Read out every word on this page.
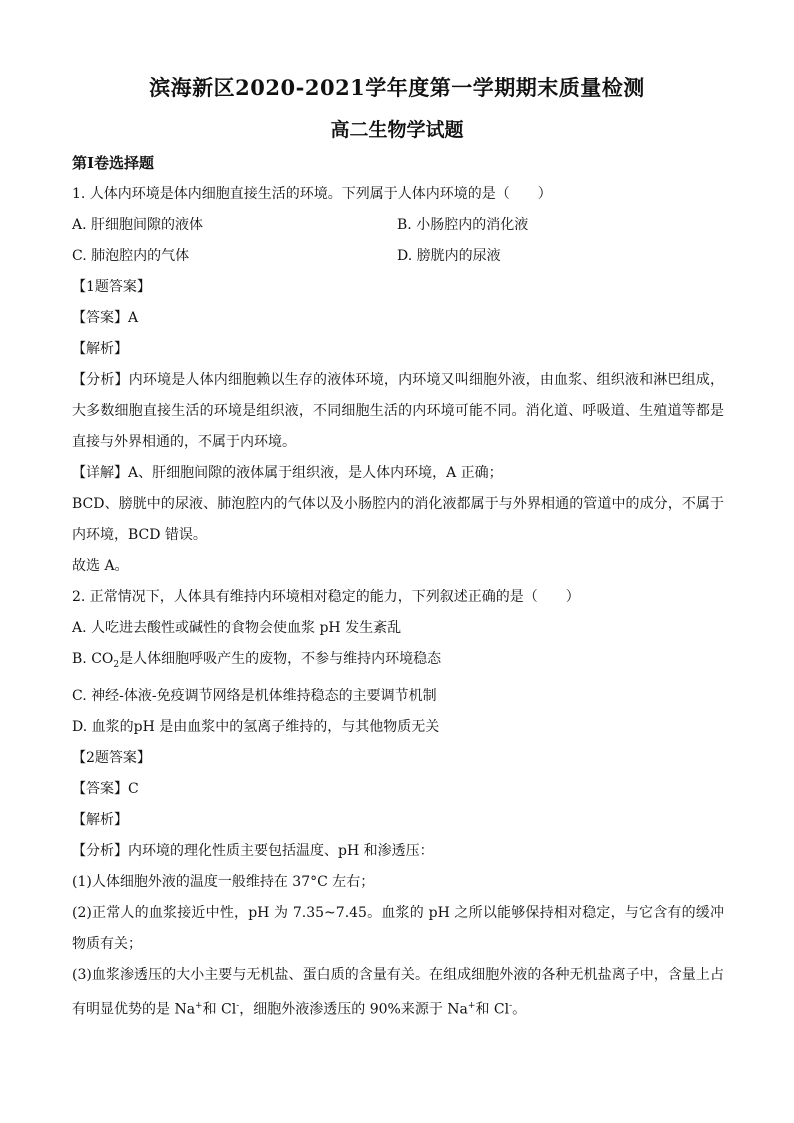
滨海新区2020-2021学年度第一学期期末质量检测
高二生物学试题
第Ⅰ卷选择题
1. 人体内环境是体内细胞直接生活的环境。下列属于人体内环境的是（　　）
A. 肝细胞间隙的液体	B. 小肠腔内的消化液
C. 肺泡腔内的气体	D. 膀胱内的尿液
【1题答案】
【答案】A
【解析】
【分析】内环境是人体内细胞赖以生存的液体环境，内环境又叫细胞外液，由血浆、组织液和淋巴组成，大多数细胞直接生活的环境是组织液，不同细胞生活的内环境可能不同。消化道、呼吸道、生殖道等都是直接与外界相通的，不属于内环境。
【详解】A、肝细胞间隙的液体属于组织液，是人体内环境，A 正确；
BCD、膀胱中的尿液、肺泡腔内的气体以及小肠腔内的消化液都属于与外界相通的管道中的成分，不属于内环境，BCD 错误。
故选 A。
2. 正常情况下，人体具有维持内环境相对稳定的能力，下列叙述正确的是（　　）
A. 人吃进去酸性或碱性的食物会使血浆 pH 发生紊乱
B. $CO_2$是人体细胞呼吸产生的废物，不参与维持内环境稳态
C. 神经-体液-免疫调节网络是机体维持稳态的主要调节机制
D. 血浆的pH 是由血浆中的氢离子维持的，与其他物质无关
【2题答案】
【答案】C
【解析】
【分析】内环境的理化性质主要包括温度、pH 和渗透压：
(1)人体细胞外液的温度一般维持在 37°C 左右；
(2)正常人的血浆接近中性，pH 为 7.35~7.45。血浆的 pH 之所以能够保持相对稳定，与它含有的缓冲物质有关；
(3)血浆渗透压的大小主要与无机盐、蛋白质的含量有关。在组成细胞外液的各种无机盐离子中，含量上占有明显优势的是 Na+和 Cl-，细胞外液渗透压的 90%来源于 Na+和 Cl-。
